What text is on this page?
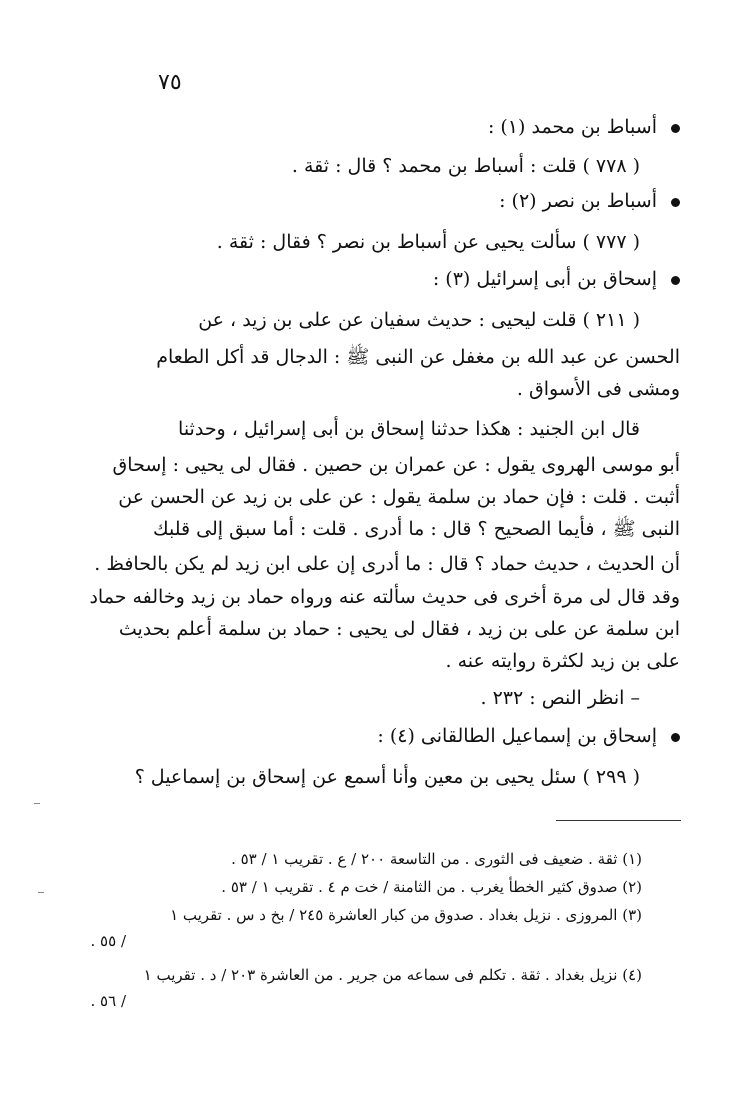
٧٥
أسباط بن محمد (١) :
( ٧٧٨ ) قلت : أسباط بن محمد ؟ قال : ثقة .
أسباط بن نصر (٢) :
( ٧٧٧ ) سألت يحيى عن أسباط بن نصر ؟ فقال : ثقة .
إسحاق بن أبى إسرائيل (٣) :
( ٢١١ ) قلت ليحيى : حديث سفيان عن على بن زيد ، عن
الحسن عن عبد الله بن مغفل عن النبى ﷺ : الدجال قد أكل الطعام
ومشى فى الأسواق .
قال ابن الجنيد : هكذا حدثنا إسحاق بن أبى إسرائيل ، وحدثنا
أبو موسى الهروى يقول : عن عمران بن حصين . فقال لى يحيى : إسحاق
أثبت . قلت : فإن حماد بن سلمة يقول : عن على بن زيد عن الحسن عن
النبى ﷺ ، فأيما الصحيح ؟ قال : ما أدرى . قلت : أما سبق إلى قلبك
أن الحديث ، حديث حماد ؟ قال : ما أدرى إن على ابن زيد لم يكن بالحافظ .
وقد قال لى مرة أخرى فى حديث سألته عنه ورواه حماد بن زيد وخالفه حماد
ابن سلمة عن على بن زيد ، فقال لى يحيى : حماد بن سلمة أعلم بحديث
على بن زيد لكثرة روايته عنه .
– انظر النص : ٢٣٢ .
إسحاق بن إسماعيل الطالقانى (٤) :
( ٢٩٩ ) سئل يحيى بن معين وأنا أسمع عن إسحاق بن إسماعيل ؟
(١) ثقة . ضعيف فى الثورى . من التاسعة ٢٠٠ / ع . تقريب ١ / ٥٣ .
(٢) صدوق كثير الخطأ يغرب . من الثامنة / خت م ٤ . تقريب ١ / ٥٣ .
(٣) المروزى . نزيل بغداد . صدوق من كبار العاشرة ٢٤٥ / بخ د س . تقريب ١
/ ٥٥ .
(٤) نزيل بغداد . ثقة . تكلم فى سماعه من جرير . من العاشرة ٢٠٣ / د . تقريب ١
/ ٥٦ .
